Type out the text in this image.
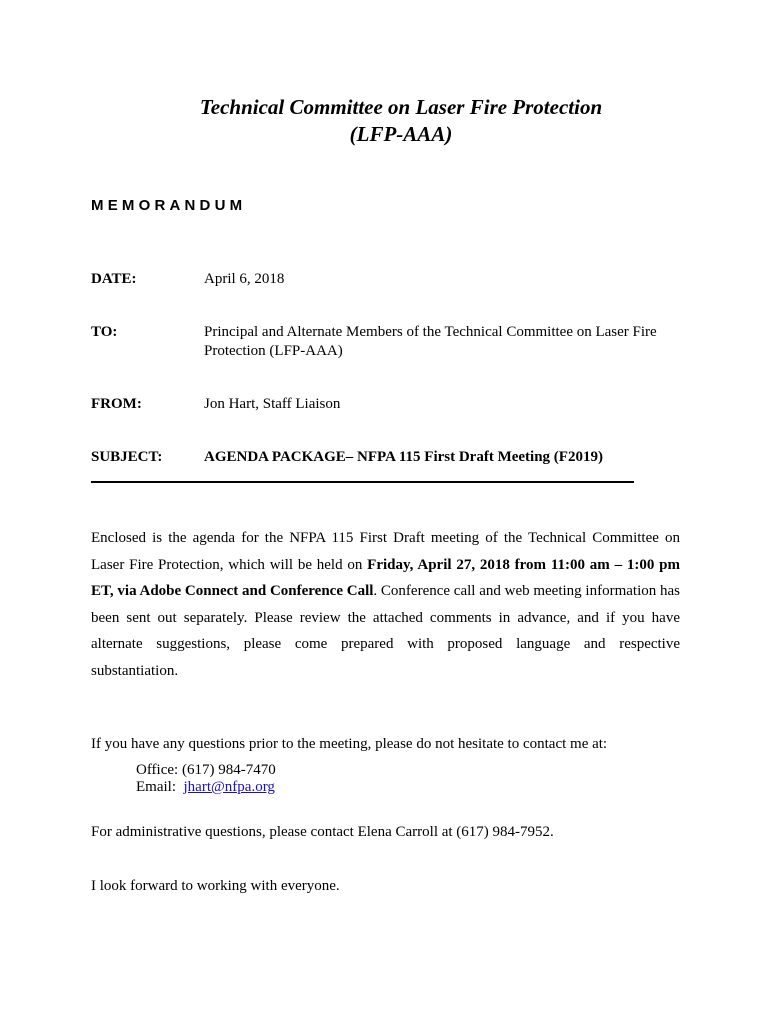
Technical Committee on Laser Fire Protection
(LFP-AAA)
MEMORANDUM
DATE:	April 6, 2018
TO:	Principal and Alternate Members of the Technical Committee on Laser Fire Protection (LFP-AAA)
FROM:	Jon Hart, Staff Liaison
SUBJECT:	AGENDA PACKAGE– NFPA 115 First Draft Meeting (F2019)
Enclosed is the agenda for the NFPA 115 First Draft meeting of the Technical Committee on Laser Fire Protection, which will be held on Friday, April 27, 2018 from 11:00 am – 1:00 pm ET, via Adobe Connect and Conference Call. Conference call and web meeting information has been sent out separately. Please review the attached comments in advance, and if you have alternate suggestions, please come prepared with proposed language and respective substantiation.
If you have any questions prior to the meeting, please do not hesitate to contact me at:
Office: (617) 984-7470
Email: jhart@nfpa.org
For administrative questions, please contact Elena Carroll at (617) 984-7952.
I look forward to working with everyone.
